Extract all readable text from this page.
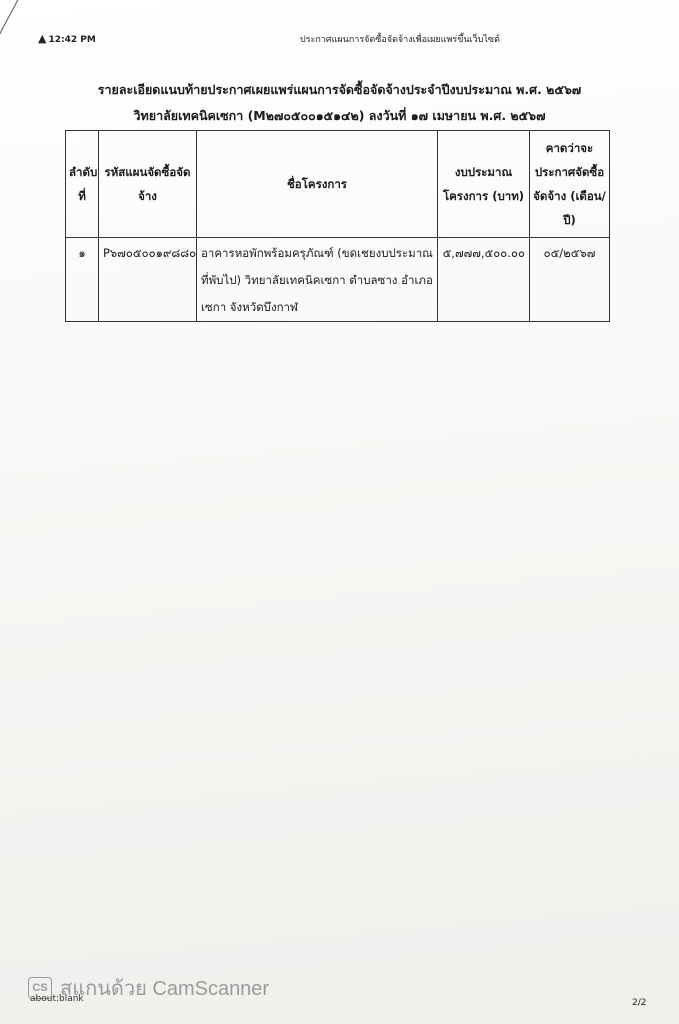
▲ 12:42 PM	ประกาศแผนการจัดซื้อจัดจ้างเพื่อเผยแพร่ขึ้นเว็บไซต์
รายละเอียดแนบท้ายประกาศเผยแพร่แผนการจัดซื้อจัดจ้างประจำปีงบประมาณ พ.ศ. ๒๕๖๗
วิทยาลัยเทคนิคเซกา (M๒๗๐๕๐๐๑๕๑๔๒) ลงวันที่ ๑๗ เมษายน พ.ศ. ๒๕๖๗
ลำดับที่	รหัสแผนจัดซื้อจัดจ้าง	ชื่อโครงการ	งบประมาณโครงการ (บาท)	คาดว่าจะประกาศจัดซื้อจัดจ้าง (เดือน/ปี)
๑	P๖๗๐๕๐๐๑๙๘๘๐	อาคารหอพักพร้อมครุภัณฑ์ (ขดเชยงบประมาณที่พับไป) วิทยาลัยเทคนิคเซกา ตำบลซาง อำเภอเซกา จังหวัดบึงกาฬ	๕,๗๗๗,๕๐๐.๐๐	๐๕/๒๕๖๗
CS สแกนด้วย CamScanner
about:blank	2/2
